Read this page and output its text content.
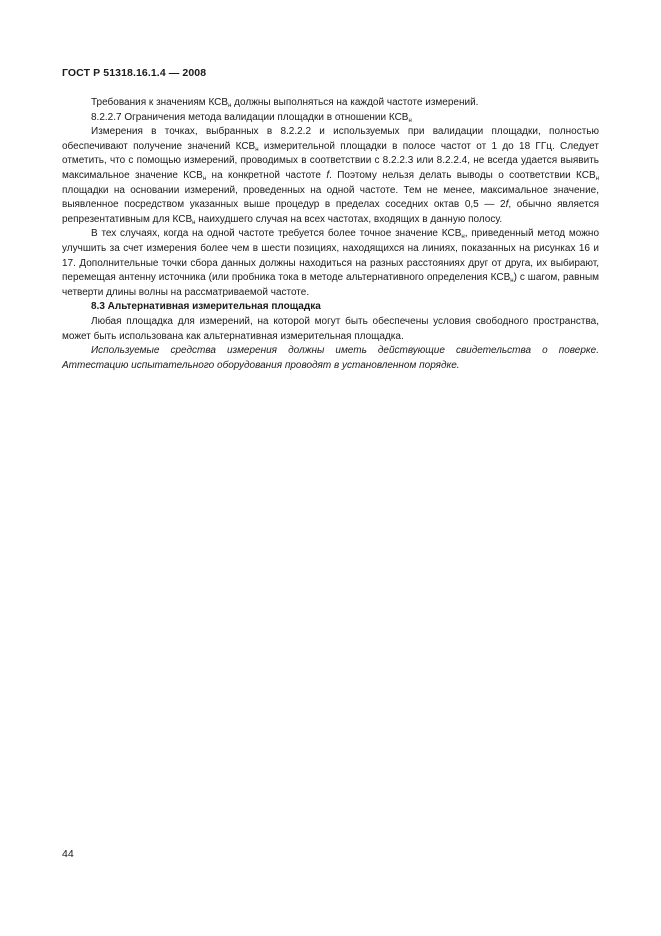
ГОСТ Р 51318.16.1.4 — 2008

Требования к значениям $КСВ_н$ должны выполняться на каждой частоте измерений.

8.2.2.7 Ограничения метода валидации площадки в отношении $КСВ_н$

Измерения в точках, выбранных в 8.2.2.2 и используемых при валидации площадки, полностью обеспечивают получение значений $КСВ_н$ измерительной площадки в полосе частот от 1 до 18 ГГц. Следует отметить, что с помощью измерений, проводимых в соответствии с 8.2.2.3 или 8.2.2.4, не всегда удается выявить максимальное значение $КСВ_н$ на конкретной частоте f. Поэтому нельзя делать выводы о соответствии $КСВ_н$ площадки на основании измерений, проведенных на одной частоте. Тем не менее, максимальное значение, выявленное посредством указанных выше процедур в пределах соседних октав 0,5 — 2f, обычно является репрезентативным для $КСВ_н$ наихудшего случая на всех частотах, входящих в данную полосу.

В тех случаях, когда на одной частоте требуется более точное значение $КСВ_н$, приведенный метод можно улучшить за счет измерения более чем в шести позициях, находящихся на линиях, показанных на рисунках 16 и 17. Дополнительные точки сбора данных должны находиться на разных расстояниях друг от друга, их выбирают, перемещая антенну источника (или пробника тока в методе альтернативного определения $КСВ_н$) с шагом, равным четверти длины волны на рассматриваемой частоте.

8.3 Альтернативная измерительная площадка

Любая площадка для измерений, на которой могут быть обеспечены условия свободного пространства, может быть использована как альтернативная измерительная площадка.

Используемые средства измерения должны иметь действующие свидетельства о поверке. Аттестацию испытательного оборудования проводят в установленном порядке.

44
